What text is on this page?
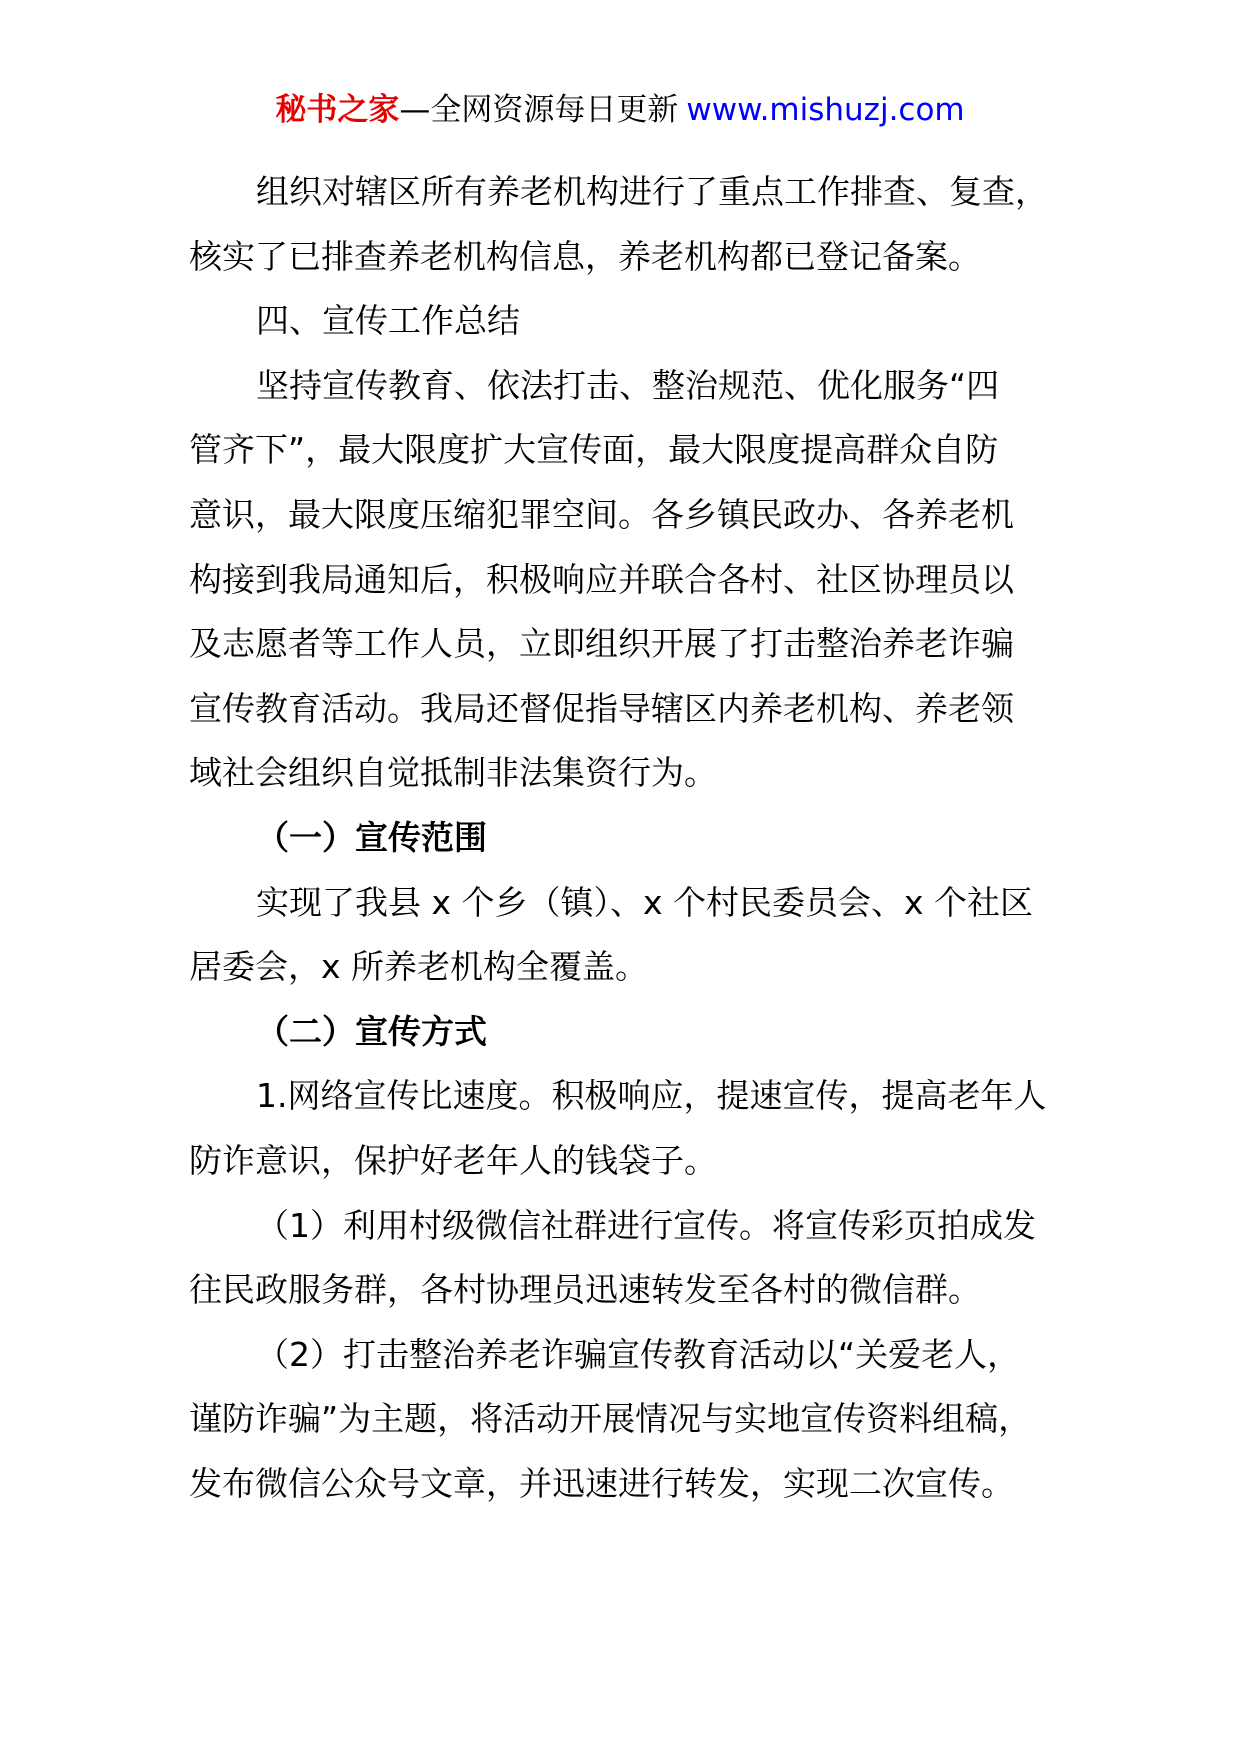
秘书之家—全网资源每日更新 www.mishuzj.com
组织对辖区所有养老机构进行了重点工作排查、复查，
核实了已排查养老机构信息，养老机构都已登记备案。
四、宣传工作总结
坚持宣传教育、依法打击、整治规范、优化服务“四
管齐下”，最大限度扩大宣传面，最大限度提高群众自防
意识，最大限度压缩犯罪空间。各乡镇民政办、各养老机
构接到我局通知后，积极响应并联合各村、社区协理员以
及志愿者等工作人员，立即组织开展了打击整治养老诈骗
宣传教育活动。我局还督促指导辖区内养老机构、养老领
域社会组织自觉抵制非法集资行为。
（一）宣传范围
实现了我县 x 个乡（镇）、x 个村民委员会、x 个社区
居委会，x 所养老机构全覆盖。
（二）宣传方式
1.网络宣传比速度。积极响应，提速宣传，提高老年人
防诈意识，保护好老年人的钱袋子。
（1）利用村级微信社群进行宣传。将宣传彩页拍成发
往民政服务群，各村协理员迅速转发至各村的微信群。
（2）打击整治养老诈骗宣传教育活动以“关爱老人，
谨防诈骗”为主题，将活动开展情况与实地宣传资料组稿，
发布微信公众号文章，并迅速进行转发，实现二次宣传。
